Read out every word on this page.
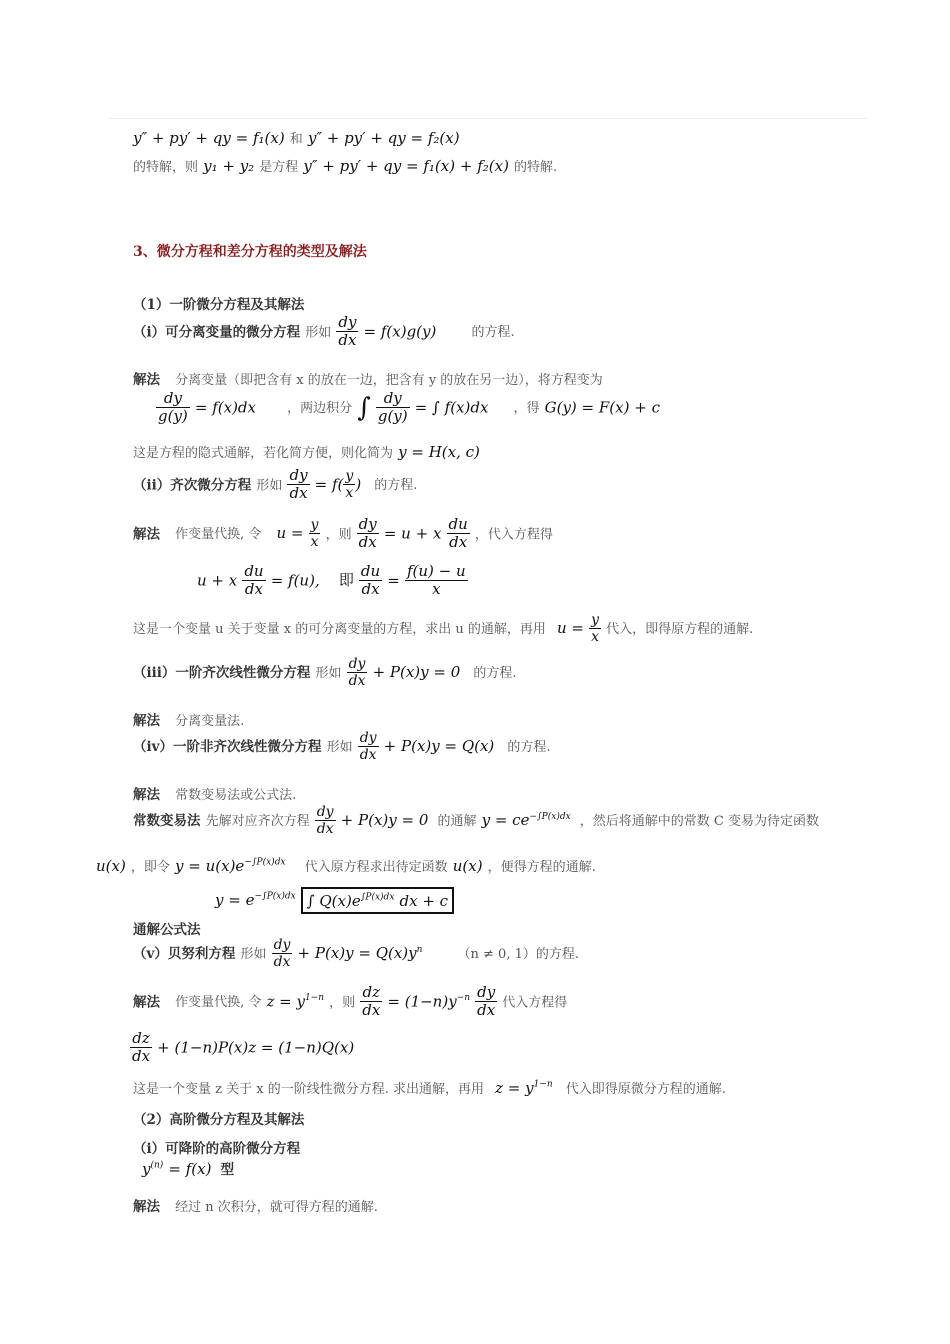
y″ + py′ + qy = f₁(x) 和 y″ + py′ + qy = f₂(x)
的特解，则 y₁ + y₂ 是方程 y″ + py′ + qy = f₁(x) + f₂(x) 的特解.
3、微分方程和差分方程的类型及解法
（1）一阶微分方程及其解法
（i）可分离变量的微分方程 形如 $\frac{dy}{dx} = f(x)g(y)$	的方程.
解法 分离变量（即把含有 x 的放在一边，把含有 y 的放在另一边），将方程变为
$\frac{dy}{g(y)} = f(x)dx$ ，两边积分 ∫ $\frac{dy}{g(y)}$ = ∫ f(x)dx ，得 G(y) = F(x) + c
这是方程的隐式通解，若化简方便，则化简为 y = H(x, c)
（ii）齐次微分方程 形如 $\frac{dy}{dx} = f( \frac{y}{x}$ ) 的方程.
解法 作变量代换, 令 $u = \frac{y}{x}$ ，则 $\frac{dy}{dx} = u + x \frac{du}{dx}$ ，代入方程得
u + x $\frac{du}{dx} = f(u)$, 即 $\frac{du}{dx} = \frac{f(u) - u}{x}$
这是一个变量 u 关于变量 x 的可分离变量的方程，求出 u 的通解，再用 $u = \frac{y}{x}$ 代入，即得原方程的通解.
（iii）一阶齐次线性微分方程 形如 $\frac{dy}{dx} + P(x)y = 0$ 的方程.
解法 分离变量法.
（iv）一阶非齐次线性微分方程 形如 $\frac{dy}{dx} + P(x)y = Q(x)$ 的方程.
解法 常数变易法或公式法.
常数变易法 先解对应齐次方程 $\frac{dy}{dx} + P(x)y = 0$ 的通解 $y = ce^{-\int P(x)dx}$ ，然后将通解中的常数 C 变易为待定函数
u(x) ，即令 $y = u(x)e^{-\int P(x)dx}$ 代入原方程求出待定函数 u(x) ，便得方程的通解.
$y = e^{-\int P(x)dx}$ ∫ $Q(x)e^{\int P(x)dx}$ dx + c
通解公式法
（v）贝努利方程 形如 $\frac{dy}{dx} + P(x)y = Q(x)y^n$	（n ≠ 0, 1）的方程.
解法 作变量代换, 令 $z = y^{1-n}$ ，则 $\frac{dz}{dx} = (1-n)y^{-n} \frac{dy}{dx}$ 代入方程得
$\frac{dz}{dx} + (1-n)P(x)z = (1-n)Q(x)$
这是一个变量 z 关于 x 的一阶线性微分方程. 求出通解，再用 $z = y^{1-n}$ 代入即得原微分方程的通解.
（2）高阶微分方程及其解法
（i）可降阶的高阶微分方程
$y^{(n)} = f(x)$ 型
解法 经过 n 次积分，就可得方程的通解.
